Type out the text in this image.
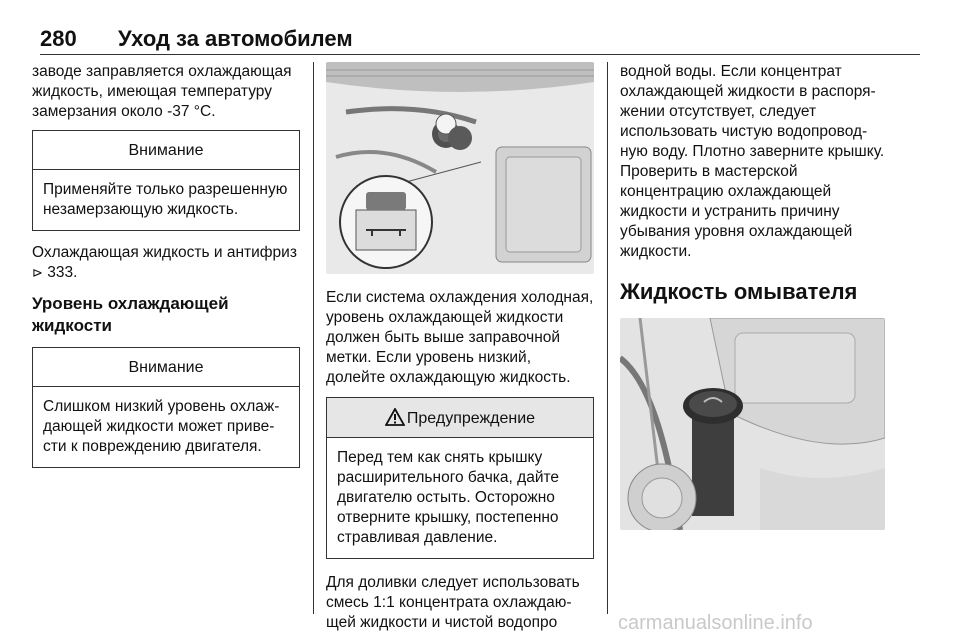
280 Уход за автомобилем

заводе заправляется охлаждающая жидкость, имеющая температуру замерзания около -37 °C.

Внимание
Применяйте только разрешенную незамерзающую жидкость.

Охлаждающая жидкость и антифриз ⊳ 333.

Уровень охлаждающей жидкости

Внимание
Слишком низкий уровень охлаждающей жидкости может привести к повреждению двигателя.

Если система охлаждения холодная, уровень охлаждающей жидкости должен быть выше заправочной метки. Если уровень низкий, долейте охлаждающую жидкость.

Предупреждение
Перед тем как снять крышку расширительного бачка, дайте двигателю остыть. Осторожно отверните крышку, постепенно стравливая давление.

Для доливки следует использовать смесь 1:1 концентрата охлаждающей жидкости и чистой водопро

водной воды. Если концентрат охлаждающей жидкости в распоряжении отсутствует, следует использовать чистую водопроводную воду. Плотно заверните крышку. Проверить в мастерской концентрацию охлаждающей жидкости и устранить причину убывания уровня охлаждающей жидкости.

Жидкость омывателя

carmanualsonline.info
